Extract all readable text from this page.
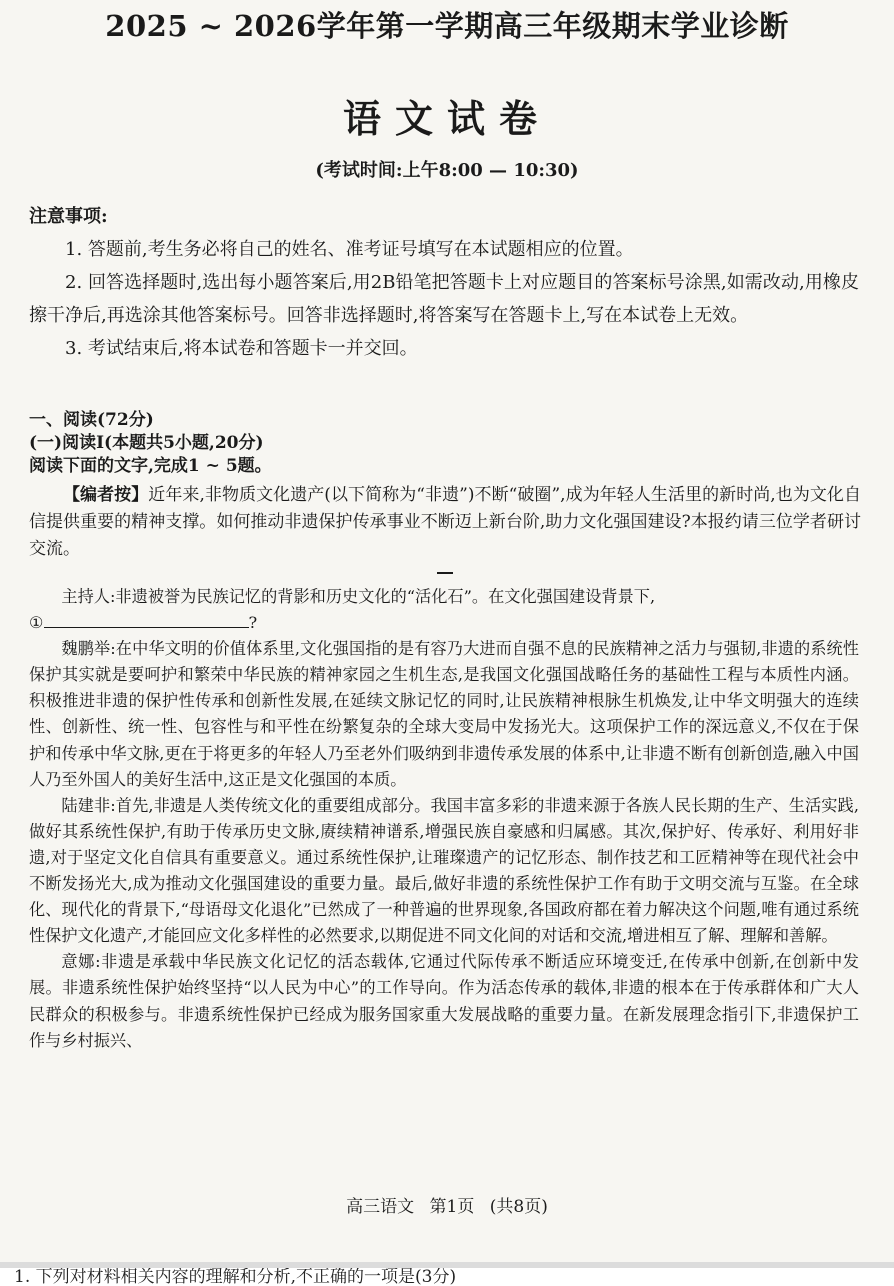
2025 ~ 2026学年第一学期高三年级期末学业诊断
语文试卷
(考试时间:上午8:00 — 10:30)
注意事项:

1. 答题前,考生务必将自己的姓名、准考证号填写在本试题相应的位置。

2. 回答选择题时,选出每小题答案后,用2B铅笔把答题卡上对应题目的答案标号涂黑,如需改动,用橡皮擦干净后,再选涂其他答案标号。回答非选择题时,将答案写在答题卡上,写在本试卷上无效。

3. 考试结束后,将本试卷和答题卡一并交回。

一、阅读(72分)

(一)阅读Ⅰ(本题共5小题,20分)

阅读下面的文字,完成1 ~ 5题。

【编者按】近年来,非物质文化遗产(以下简称为“非遗”)不断“破圈”,成为年轻人生活里的新时尚,也为文化自信提供重要的精神支撑。如何推动非遗保护传承事业不断迈上新台阶,助力文化强国建设?本报约请三位学者研讨交流。

主持人:非遗被誉为民族记忆的背影和历史文化的“活化石”。在文化强国建设背景下,

①	?

魏鹏举:在中华文明的价值体系里,文化强国指的是有容乃大进而自强不息的民族精神之活力与强韧,非遗的系统性保护其实就是要呵护和繁荣中华民族的精神家园之生机生态,是我国文化强国战略任务的基础性工程与本质性内涵。积极推进非遗的保护性传承和创新性发展,在延续文脉记忆的同时,让民族精神根脉生机焕发,让中华文明强大的连续性、创新性、统一性、包容性与和平性在纷繁复杂的全球大变局中发扬光大。这项保护工作的深远意义,不仅在于保护和传承中华文脉,更在于将更多的年轻人乃至老外们吸纳到非遗传承发展的体系中,让非遗不断有创新创造,融入中国人乃至外国人的美好生活中,这正是文化强国的本质。

陆建非:首先,非遗是人类传统文化的重要组成部分。我国丰富多彩的非遗来源于各族人民长期的生产、生活实践,做好其系统性保护,有助于传承历史文脉,赓续精神谱系,增强民族自豪感和归属感。其次,保护好、传承好、利用好非遗,对于坚定文化自信具有重要意义。通过系统性保护,让璀璨遗产的记忆形态、制作技艺和工匠精神等在现代社会中不断发扬光大,成为推动文化强国建设的重要力量。最后,做好非遗的系统性保护工作有助于文明交流与互鉴。在全球化、现代化的背景下,“母语母文化退化”已然成了一种普遍的世界现象,各国政府都在着力解决这个问题,唯有通过系统性保护文化遗产,才能回应文化多样性的必然要求,以期促进不同文化间的对话和交流,增进相互了解、理解和善解。

意娜:非遗是承载中华民族文化记忆的活态载体,它通过代际传承不断适应环境变迁,在传承中创新,在创新中发展。非遗系统性保护始终坚持“以人民为中心”的工作导向。作为活态传承的载体,非遗的根本在于传承群体和广大人民群众的积极参与。非遗系统性保护已经成为服务国家重大发展战略的重要力量。在新发展理念指引下,非遗保护工作与乡村振兴、

高三语文 第1页 (共8页)
1. 下列对材料相关内容的理解和分析,不正确的一项是(3分)
